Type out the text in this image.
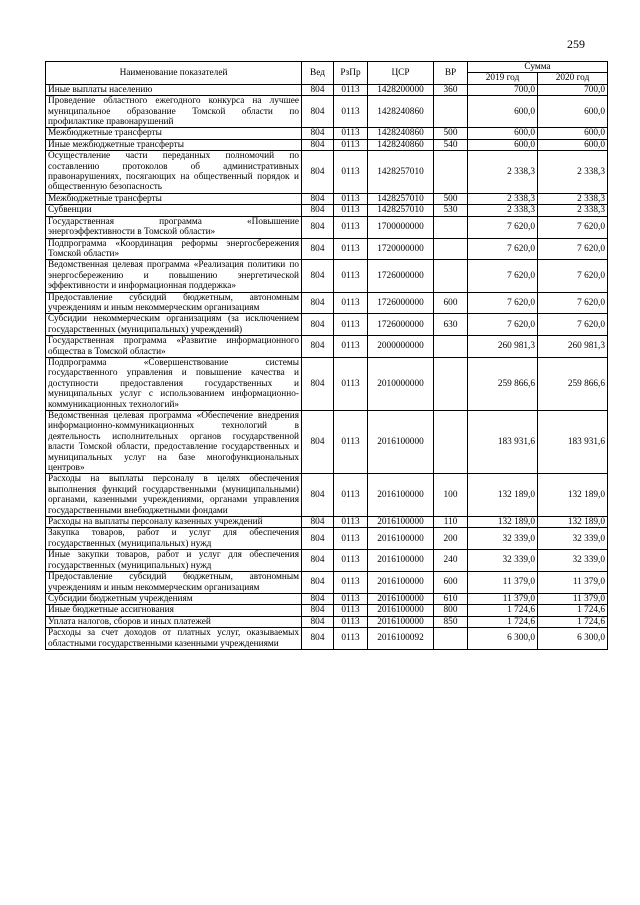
259
Наименование показателей	Вед	РзПр	ЦСР	ВР	Сумма	
					2019 год	2020 год
Иные выплаты населению	804	0113	1428200000	360	700,0	700,0
Проведение областного ежегодного конкурса на лучшее муниципальное образование Томской области по профилактике правонарушений	804	0113	1428240860		600,0	600,0
Межбюджетные трансферты	804	0113	1428240860	500	600,0	600,0
Иные межбюджетные трансферты	804	0113	1428240860	540	600,0	600,0
Осуществление части переданных полномочий по составлению протоколов об административных правонарушениях, посягающих на общественный порядок и общественную безопасность	804	0113	1428257010		2 338,3	2 338,3
Межбюджетные трансферты	804	0113	1428257010	500	2 338,3	2 338,3
Субвенции	804	0113	1428257010	530	2 338,3	2 338,3
Государственная программа «Повышение энергоэффективности в Томской области»	804	0113	1700000000		7 620,0	7 620,0
Подпрограмма «Координация реформы энергосбережения Томской области»	804	0113	1720000000		7 620,0	7 620,0
Ведомственная целевая программа «Реализация политики по энергосбережению и повышению энергетической эффективности и информационная поддержка»	804	0113	1726000000		7 620,0	7 620,0
Предоставление субсидий бюджетным, автономным учреждениям и иным некоммерческим организациям	804	0113	1726000000	600	7 620,0	7 620,0
Субсидии некоммерческим организациям (за исключением государственных (муниципальных) учреждений)	804	0113	1726000000	630	7 620,0	7 620,0
Государственная программа «Развитие информационного общества в Томской области»	804	0113	2000000000		260 981,3	260 981,3
Подпрограмма «Совершенствование системы государственного управления и повышение качества и доступности предоставления государственных и муниципальных услуг с использованием информационно-коммуникационных технологий»	804	0113	2010000000		259 866,6	259 866,6
Ведомственная целевая программа «Обеспечение внедрения информационно-коммуникационных технологий в деятельность исполнительных органов государственной власти Томской области, предоставление государственных и муниципальных услуг на базе многофункциональных центров»	804	0113	2016100000		183 931,6	183 931,6
Расходы на выплаты персоналу в целях обеспечения выполнения функций государственными (муниципальными) органами, казенными учреждениями, органами управления государственными внебюджетными фондами	804	0113	2016100000	100	132 189,0	132 189,0
Расходы на выплаты персоналу казенных учреждений	804	0113	2016100000	110	132 189,0	132 189,0
Закупка товаров, работ и услуг для обеспечения государственных (муниципальных) нужд	804	0113	2016100000	200	32 339,0	32 339,0
Иные закупки товаров, работ и услуг для обеспечения государственных (муниципальных) нужд	804	0113	2016100000	240	32 339,0	32 339,0
Предоставление субсидий бюджетным, автономным учреждениям и иным некоммерческим организациям	804	0113	2016100000	600	11 379,0	11 379,0
Субсидии бюджетным учреждениям	804	0113	2016100000	610	11 379,0	11 379,0
Иные бюджетные ассигнования	804	0113	2016100000	800	1 724,6	1 724,6
Уплата налогов, сборов и иных платежей	804	0113	2016100000	850	1 724,6	1 724,6
Расходы за счет доходов от платных услуг, оказываемых областными государственными казенными учреждениями	804	0113	2016100092		6 300,0	6 300,0
